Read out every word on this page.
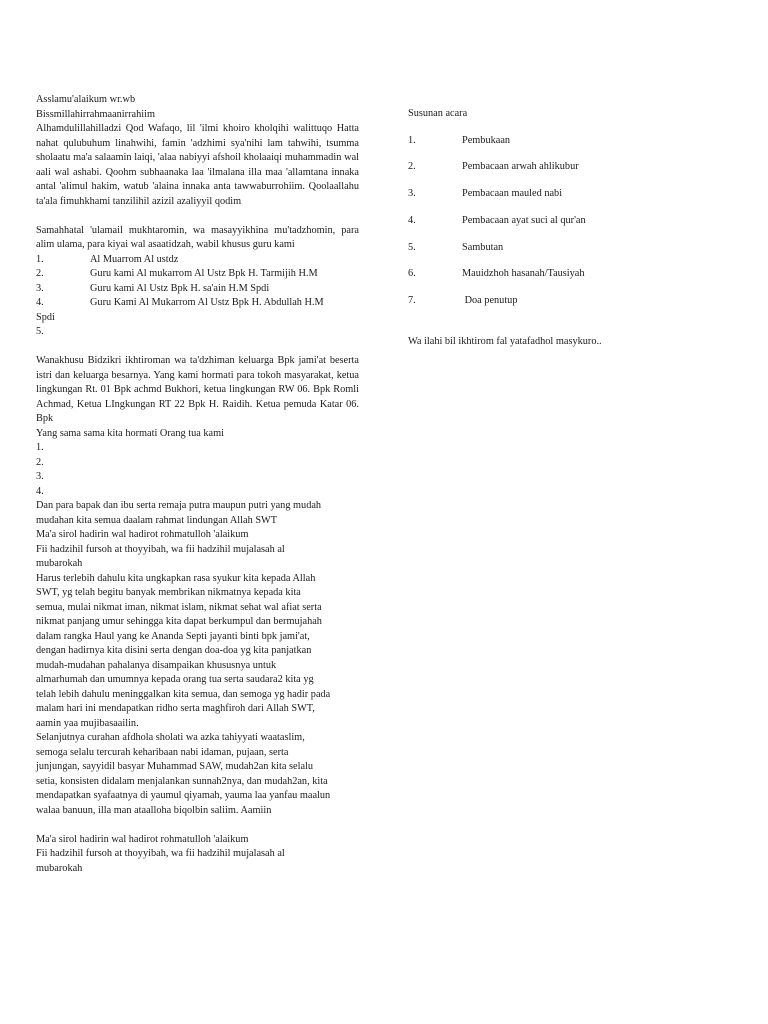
Asslamu'alaikum wr.wb
Bissmillahirrahmaanirrahiim
Alhamdulillahilladzi Qod Wafaqo, lil 'ilmi khoiro kholqihi walittuqo Hatta nahat qulubuhum linahwihi, famin 'adzhimi sya'nihi lam tahwihi, tsumma sholaatu ma'a salaamin laiqi, 'alaa nabiyyi afshoil kholaaiqi muhammadin wal aali wal ashabi. Qoohm subhaanaka laa 'ilmalana illa maa 'allamtana innaka antal 'alimul hakim, watub 'alaina innaka anta tawwaburrohiim. Qoolaallahu ta'ala fimuhkhami tanzilihil azizil azaliyyil qodim
Samahhatal 'ulamail mukhtaromin, wa masayyikhina mu'tadzhomin, para alim ulama, para kiyai wal asaatidzah, wabil khusus guru kami
1.	Al Muarrom Al ustdz
2.	Guru kami Al mukarrom Al Ustz Bpk H. Tarmijih H.M
3.	Guru kami Al Ustz Bpk H. sa'ain H.M Spdi
4.	Guru Kami Al Mukarrom Al Ustz Bpk H. Abdullah H.M
Spdi
5.
Wanakhusu Bidzikri ikhtiroman wa ta'dzhiman keluarga Bpk jami'at beserta istri dan keluarga besarnya. Yang kami hormati para tokoh masyarakat, ketua lingkungan Rt. 01 Bpk achmd Bukhori, ketua lingkungan RW 06. Bpk Romli Achmad, Ketua LIngkungan RT 22 Bpk H. Raidih. Ketua pemuda Katar 06. Bpk
Yang sama sama kita hormati Orang tua kami
1.
2.
3.
4.
Dan para bapak dan ibu serta remaja putra maupun putri yang mudah
mudahan kita semua daalam rahmat lindungan Allah SWT
Ma'a sirol hadirin wal hadirot rohmatulloh 'alaikum
Fii hadzihil fursoh at thoyyibah, wa fii hadzihil mujalasah al
mubarokah
Harus terlebih dahulu kita ungkapkan rasa syukur kita kepada Allah
SWT, yg telah begitu banyak membrikan nikmatnya kepada kita
semua, mulai nikmat iman, nikmat islam, nikmat sehat wal afiat serta
nikmat panjang umur sehingga kita dapat berkumpul dan bermujahah
dalam rangka Haul yang ke Ananda Septi jayanti binti bpk jami'at,
dengan hadirnya kita disini serta dengan doa-doa yg kita panjatkan
mudah-mudahan pahalanya disampaikan khususnya untuk
almarhumah dan umumnya kepada orang tua serta saudara2 kita yg
telah lebih dahulu meninggalkan kita semua, dan semoga yg hadir pada
malam hari ini mendapatkan ridho serta maghfiroh dari Allah SWT,
aamin yaa mujibasaailin.
Selanjutnya curahan afdhola sholati wa azka tahiyyati waataslim,
semoga selalu tercurah keharibaan nabi idaman, pujaan, serta
junjungan, sayyidil basyar Muhammad SAW, mudah2an kita selalu
setia, konsisten didalam menjalankan sunnah2nya, dan mudah2an, kita
mendapatkan syafaatnya di yaumul qiyamah, yauma laa yanfau maalun
walaa banuun, illa man ataalloha biqolbin saliim. Aamiin
Ma'a sirol hadirin wal hadirot rohmatulloh 'alaikum
Fii hadzihil fursoh at thoyyibah, wa fii hadzihil mujalasah al
mubarokah
Susunan acara
1.	Pembukaan
2.	Pembacaan arwah ahlikubur
3.	Pembacaan mauled nabi
4.	Pembacaan ayat suci al qur'an
5.	Sambutan
6.	Mauidzhoh hasanah/Tausiyah
7.	Doa penutup
Wa ilahi bil ikhtirom fal yatafadhol masykuro..
